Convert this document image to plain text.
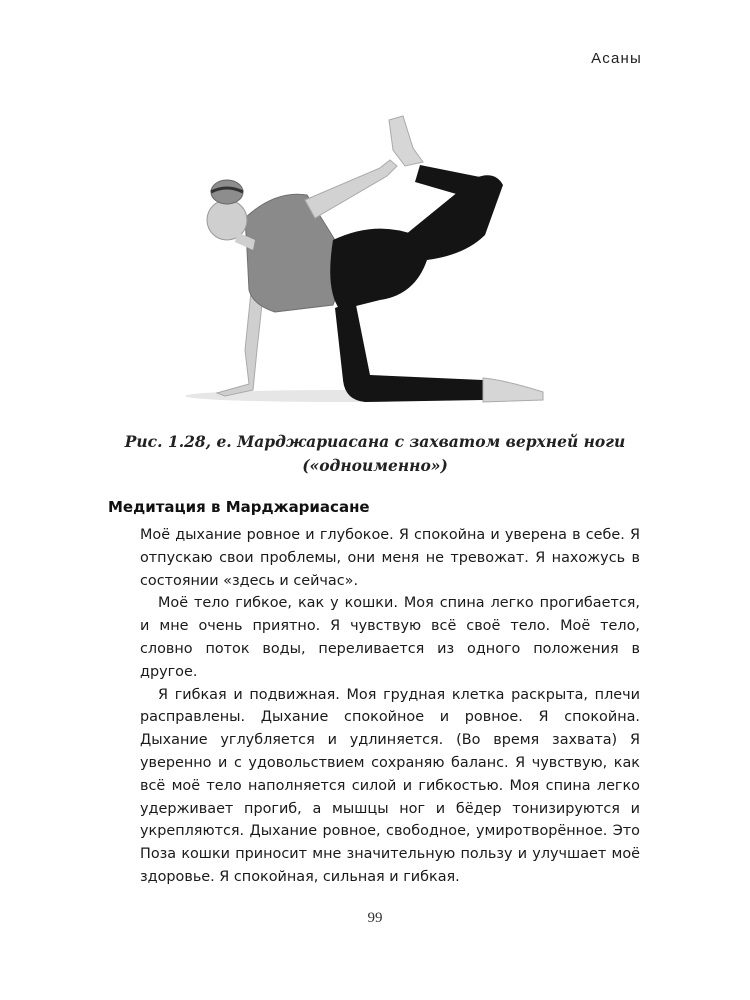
Асаны
Рис. 1.28, е. Марджариасана с захватом верхней ноги
(«одноименно»)
Медитация в Марджариасане

Моё дыхание ровное и глубокое. Я спокойна и уверена в себе. Я отпускаю свои проблемы, они меня не тревожат. Я нахожусь в состоянии «здесь и сейчас».

Моё тело гибкое, как у кошки. Моя спина легко прогибается, и мне очень приятно. Я чувствую всё своё тело. Моё тело, словно поток воды, переливается из одного положения в другое.

Я гибкая и подвижная. Моя грудная клетка раскрыта, плечи расправлены. Дыхание спокойное и ровное. Я спокойна. Дыхание углубляется и удлиняется. (Во время захвата) Я уверенно и с удовольствием сохраняю баланс. Я чувствую, как всё моё тело наполняется силой и гибкостью. Моя спина легко удерживает прогиб, а мышцы ног и бёдер тонизируются и укрепляются. Дыхание ровное, свободное, умиротворённое. Это Поза кошки приносит мне значительную пользу и улучшает моё здоровье. Я спокойная, сильная и гибкая.

99
